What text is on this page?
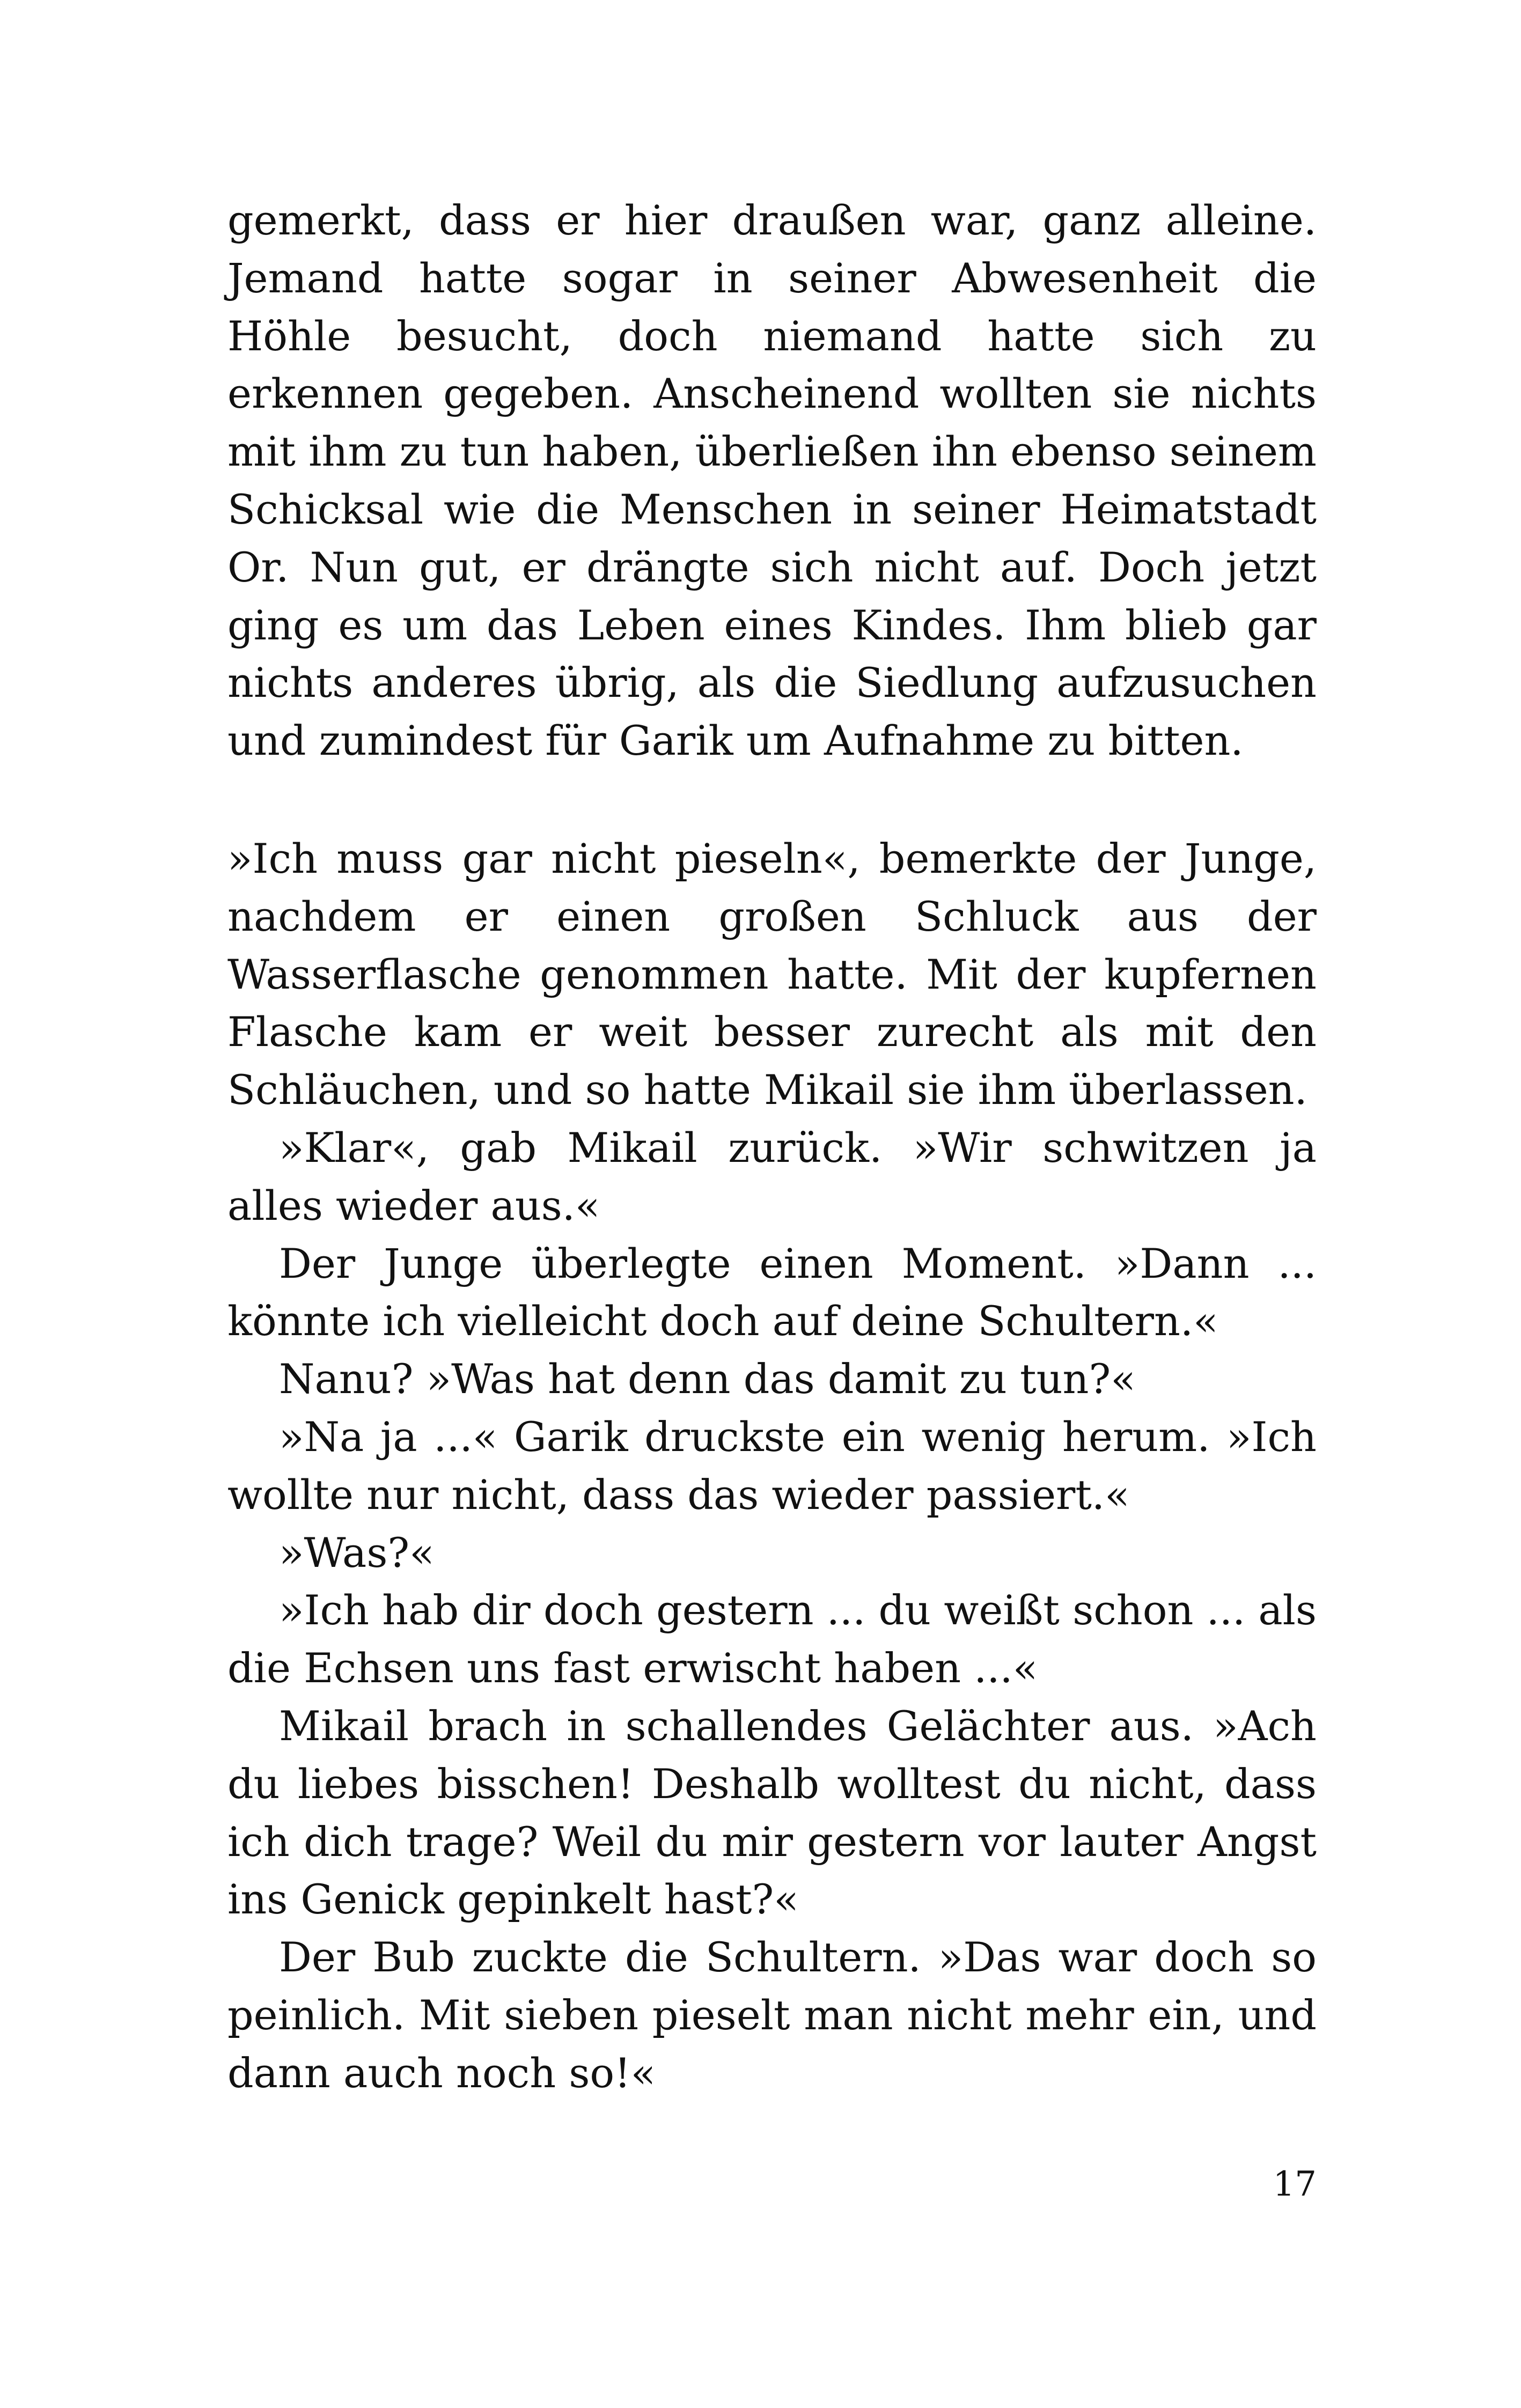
gemerkt, dass er hier draußen war, ganz alleine. Jemand hatte sogar in seiner Abwesenheit die Höhle besucht, doch niemand hatte sich zu erkennen gegeben. Anscheinend wollten sie nichts mit ihm zu tun haben, überließen ihn ebenso seinem Schicksal wie die Menschen in seiner Heimatstadt Or. Nun gut, er drängte sich nicht auf. Doch jetzt ging es um das Leben eines Kindes. Ihm blieb gar nichts anderes übrig, als die Siedlung aufzusuchen und zumindest für Garik um Aufnahme zu bitten.

»Ich muss gar nicht pieseln«, bemerkte der Junge, nachdem er einen großen Schluck aus der Wasserflasche genommen hatte. Mit der kupfernen Flasche kam er weit besser zurecht als mit den Schläuchen, und so hatte Mikail sie ihm überlassen.

»Klar«, gab Mikail zurück. »Wir schwitzen ja alles wieder aus.«

Der Junge überlegte einen Moment. »Dann ... könnte ich vielleicht doch auf deine Schultern.«

Nanu? »Was hat denn das damit zu tun?«

»Na ja ...« Garik druckste ein wenig herum. »Ich wollte nur nicht, dass das wieder passiert.«

»Was?«

»Ich hab dir doch gestern ... du weißt schon ... als die Echsen uns fast erwischt haben ...«

Mikail brach in schallendes Gelächter aus. »Ach du liebes bisschen! Deshalb wolltest du nicht, dass ich dich trage? Weil du mir gestern vor lauter Angst ins Genick gepinkelt hast?«

Der Bub zuckte die Schultern. »Das war doch so peinlich. Mit sieben pieselt man nicht mehr ein, und dann auch noch so!«

17
